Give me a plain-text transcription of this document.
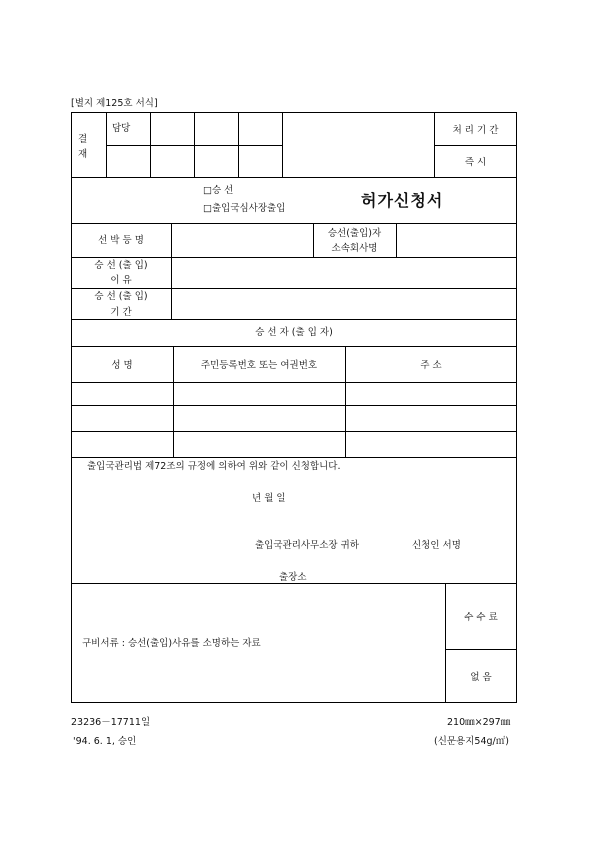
[별지 제125호 서식]
결
재
담당	처 리 기 간
즉 시
□승 선
□출입국심사장출입	허가신청서
선 박 등 명
승선(출입)자
소속회사명
승 선 (출 입)
이 유
승 선 (출 입)
기 간
승 선 자 (출 입 자)
성 명	주민등록번호 또는 여권번호	주 소
출입국관리법 제72조의 규정에 의하여 위와 같이 신청합니다.
년 월 일
출입국관리사무소장 귀하	신청인 서명
출장소
구비서류 : 승선(출입)사유를 소명하는 자료
수 수 료
없 음
23236－17711일
'94. 6. 1, 승인
210㎜×297㎜
(신문용지54g/㎡)
